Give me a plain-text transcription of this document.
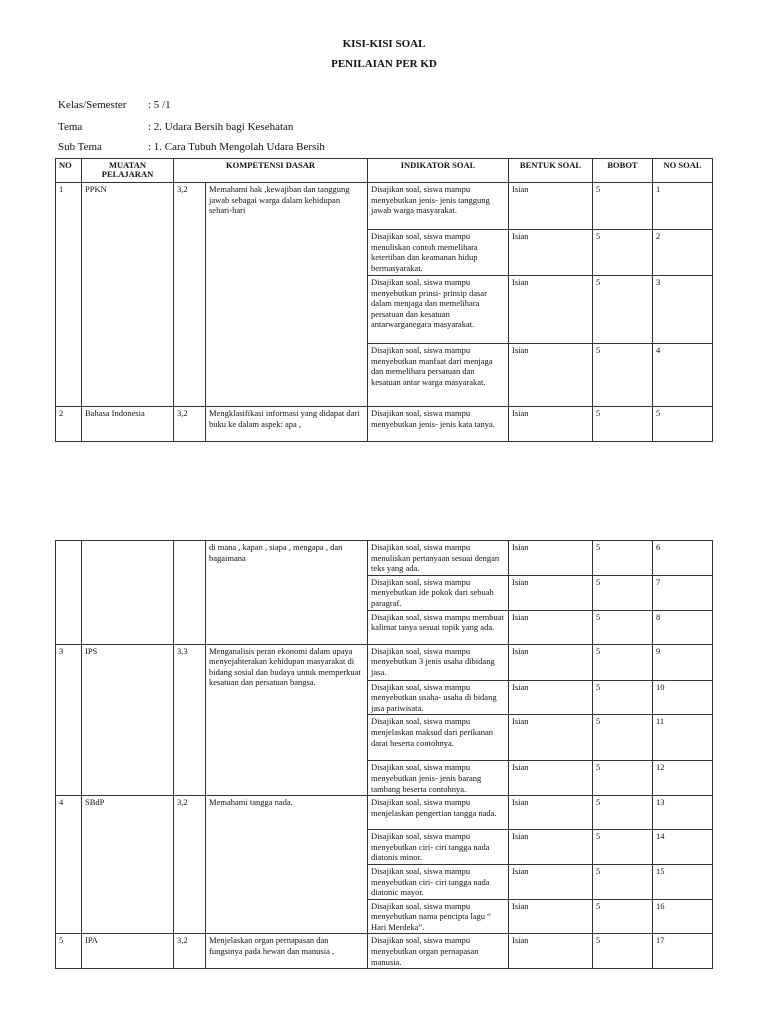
KISI-KISI SOAL
PENILAIAN PER KD
Kelas/Semester : 5 /1
Tema	: 2. Udara Bersih bagi Kesehatan
Sub Tema	: 1. Cara Tubuh Mengolah Udara Bersih
NO	MUATAN PELAJARAN	KOMPETENSI DASAR		INDIKATOR SOAL	BENTUK SOAL	BOBOT	NO SOAL
1	PPKN	3,2	Memahami hak ,kewajiban dan tanggung jawab sebagai warga dalam kehidupan sehari-hari	Disajikan soal, siswa mampu menyebutkan jenis- jenis tanggung jawab warga masyarakat.	Isian	5	1
				Disajikan soal, siswa mampu menuliskan contoh memelihara ketertiban dan keamanan hidup bermasyarakat.	Isian	5	2
				Disajikan soal, siswa mampu menyebutkan prinsi- prinsip dasar dalam menjaga dan memelihara persatuan dan kesatuan antarwarganegara masyarakat.	Isian	5	3
				Disajikan soal, siswa mampu menyebutkan manfaat dari menjaga dan memelihara persatuan dan kesatuan antar warga masyarakat.	Isian	5	4
2	Bahasa Indonesia	3,2	Mengklasifikasi informasi yang didapat dari buku ke dalam aspek: apa ,	Disajikan soal, siswa mampu menyebutkan jenis- jenis kata tanya.	Isian	5	5
			di mana , kapan , siapa , mengapa , dan bagaimana	Disajikan soal, siswa mampu menuliskan pertanyaan sesuai dengan teks yang ada.	Isian	5	6
				Disajikan soal, siswa mampu menyebutkan ide pokok dari sebuah paragraf.	Isian	5	7
				Disajikan soal, siswa mampu membuat kalimat tanya sesuai topik yang ada.	Isian	5	8
3	IPS	3,3	Menganalisis peran ekonomi dalam upaya menyejahterakan kehidupan masyarakat di bidang sosial dan budaya untuk memperkuat kesatuan dan persatuan bangsa.	Disajikan soal, siswa mampu menyebutkan 3 jenis usaha dibidang jasa.	Isian	5	9
				Disajikan soal, siswa mampu menyebutkan usaha- usaha di bidang jasa pariwisata.	Isian	5	10
				Disajikan soal, siswa mampu menjelaskan maksud dari perikanan darat beserta contohnya.	Isian	5	11
				Disajikan soal, siswa mampu menyebutkan jenis- jenis barang tambang beserta contohnya.	Isian	5	12
4	SBdP	3,2	Memahami tangga nada.	Disajikan soal, siswa mampu menjelaskan pengertian tangga nada.	Isian	5	13
				Disajikan soal, siswa mampu menyebutkan ciri- ciri tangga nada diatonis minor.	Isian	5	14
				Disajikan soal, siswa mampu menyebutkan ciri- ciri tangga nada diatonic mayor.	Isian	5	15
				Disajikan soal, siswa mampu menyebutkan nama pencipta lagu “ Hari Merdeka”.	Isian	5	16
5	IPA	3,2	Menjelaskan organ pernapasan dan fungsinya pada hewan dan manusia ,	Disajikan soal, siswa mampu menyebutkan organ pernapasan manusia.	Isian	5	17
